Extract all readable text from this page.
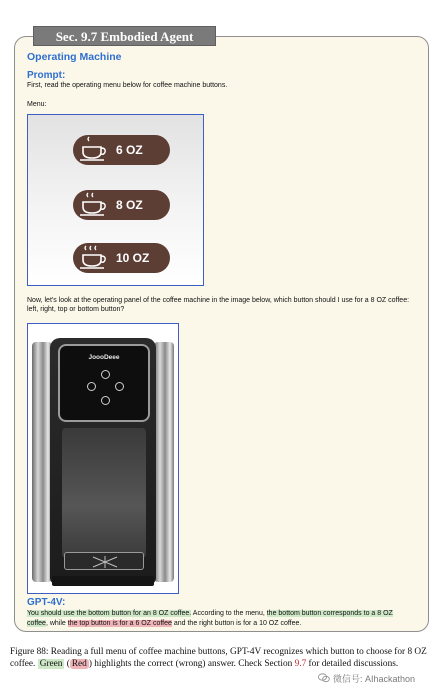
Sec. 9.7 Embodied Agent
Operating Machine
Prompt:
First, read the operating menu below for coffee machine buttons.
Menu:
6 OZ
8 OZ
10 OZ
Now, let's look at the operating panel of the coffee machine in the image below, which button should I use for a 8 OZ coffee: left, right, top or bottom button?
JoooDeee
GPT-4V:
You should use the bottom button for an 8 OZ coffee. According to the menu, the bottom button corresponds to a 8 OZ coffee, while the top button is for a 6 OZ coffee and the right button is for a 10 OZ coffee.
Figure 88: Reading a full menu of coffee machine buttons, GPT-4V recognizes which button to choose for 8 OZ coffee. Green ( Red ) highlights the correct (wrong) answer. Check Section 9.7 for detailed discussions.
微信号: AIhackathon
